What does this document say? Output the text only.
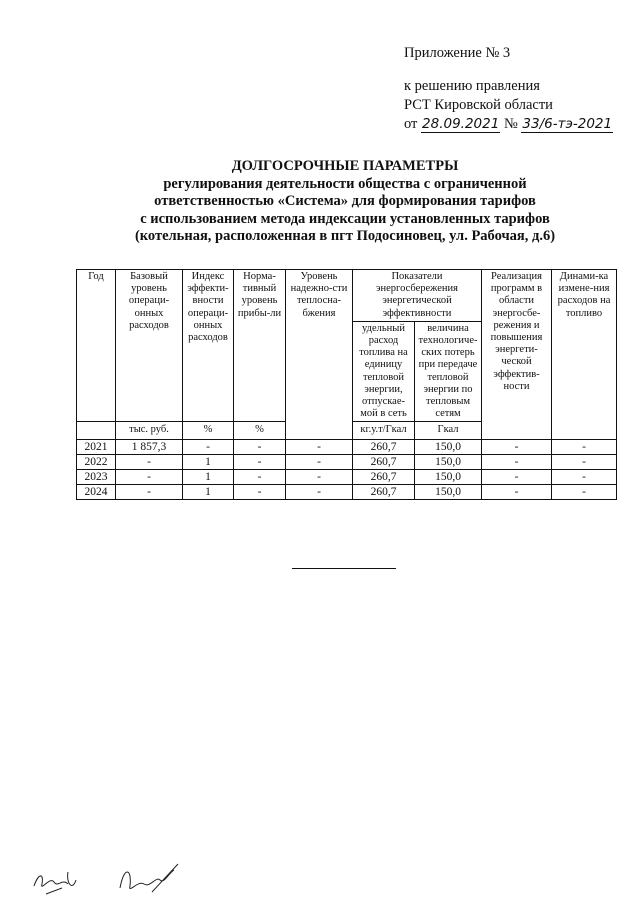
Приложение № 3
к решению правления
РСТ Кировской области
от 28.09.2021 № 33/6-тэ-2021
ДОЛГОСРОЧНЫЕ ПАРАМЕТРЫ
регулирования деятельности общества с ограниченной
ответственностью «Система» для формирования тарифов
с использованием метода индексации установленных тарифов
(котельная, расположенная в пгт Подосиновец, ул. Рабочая, д.6)
Год	Базовый уровень операци-онных расходов	Индекс эффекти-вности операци-онных расходов	Норма-тивный уровень прибы-ли	Уровень надежно-сти теплосна-бжения	Показатели энергосбережения энергетической эффективности		Реализация программ в области энергосбе-режения и повышения энергети-ческой эффектив-ности	Динами-ка измене-ния расходов на топливо
					удельный расход топлива на единицу тепловой энергии, отпускае-мой в сеть	величина технологиче-ских потерь при передаче тепловой энергии по тепловым сетям		
	тыс. руб.	%	%		кг.у.т/Гкал	Гкал		
2021	1 857,3	-	-	-	260,7	150,0	-	-
2022	-	1	-	-	260,7	150,0	-	-
2023	-	1	-	-	260,7	150,0	-	-
2024	-	1	-	-	260,7	150,0	-	-
